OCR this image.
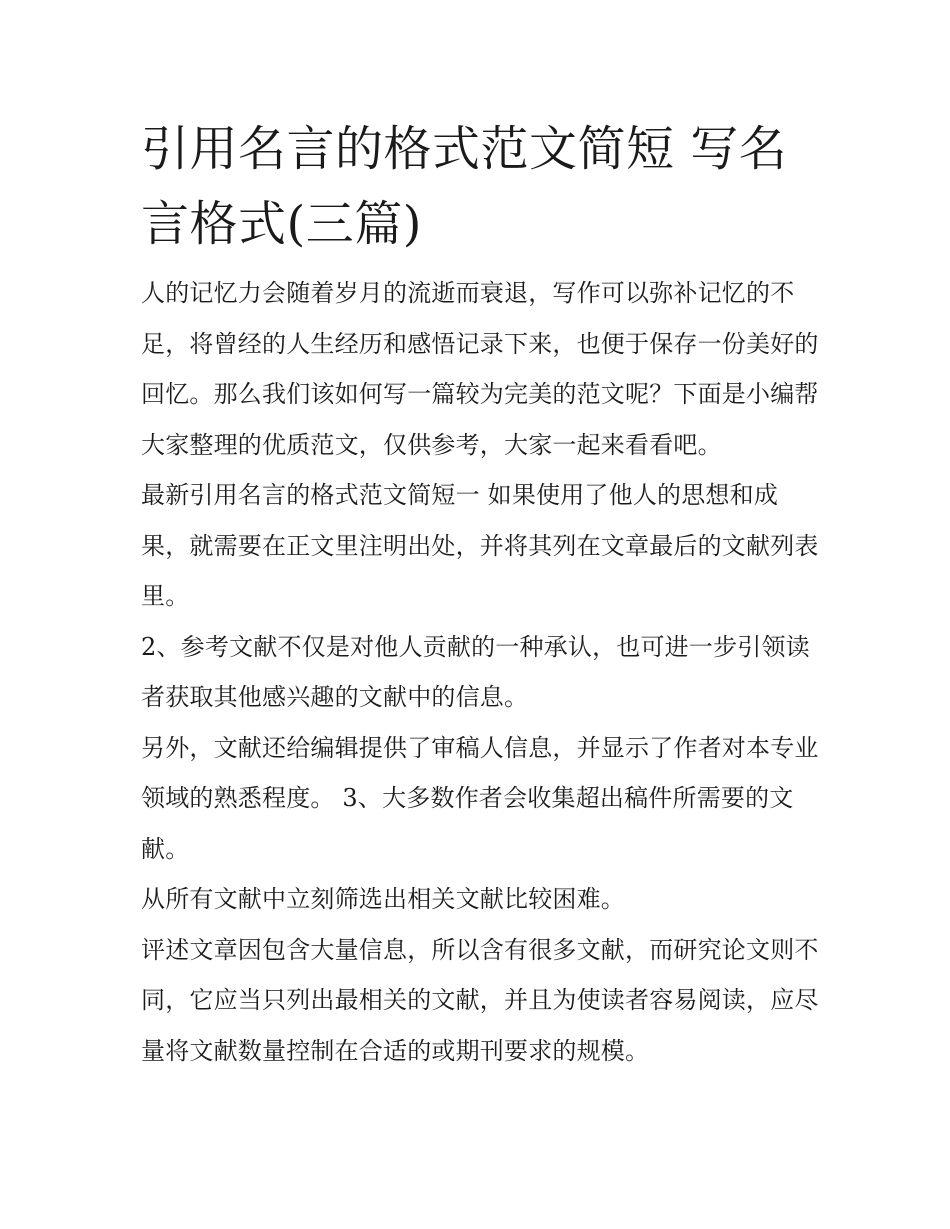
引用名言的格式范文简短 写名言格式(三篇)

人的记忆力会随着岁月的流逝而衰退，写作可以弥补记忆的不足，将曾经的人生经历和感悟记录下来，也便于保存一份美好的回忆。那么我们该如何写一篇较为完美的范文呢？下面是小编帮大家整理的优质范文，仅供参考，大家一起来看看吧。

最新引用名言的格式范文简短一 如果使用了他人的思想和成果，就需要在正文里注明出处，并将其列在文章最后的文献列表里。

2、参考文献不仅是对他人贡献的一种承认，也可进一步引领读者获取其他感兴趣的文献中的信息。

另外，文献还给编辑提供了审稿人信息，并显示了作者对本专业领域的熟悉程度。 3、大多数作者会收集超出稿件所需要的文献。

从所有文献中立刻筛选出相关文献比较困难。

评述文章因包含大量信息，所以含有很多文献，而研究论文则不同，它应当只列出最相关的文献，并且为使读者容易阅读，应尽量将文献数量控制在合适的或期刊要求的规模。
